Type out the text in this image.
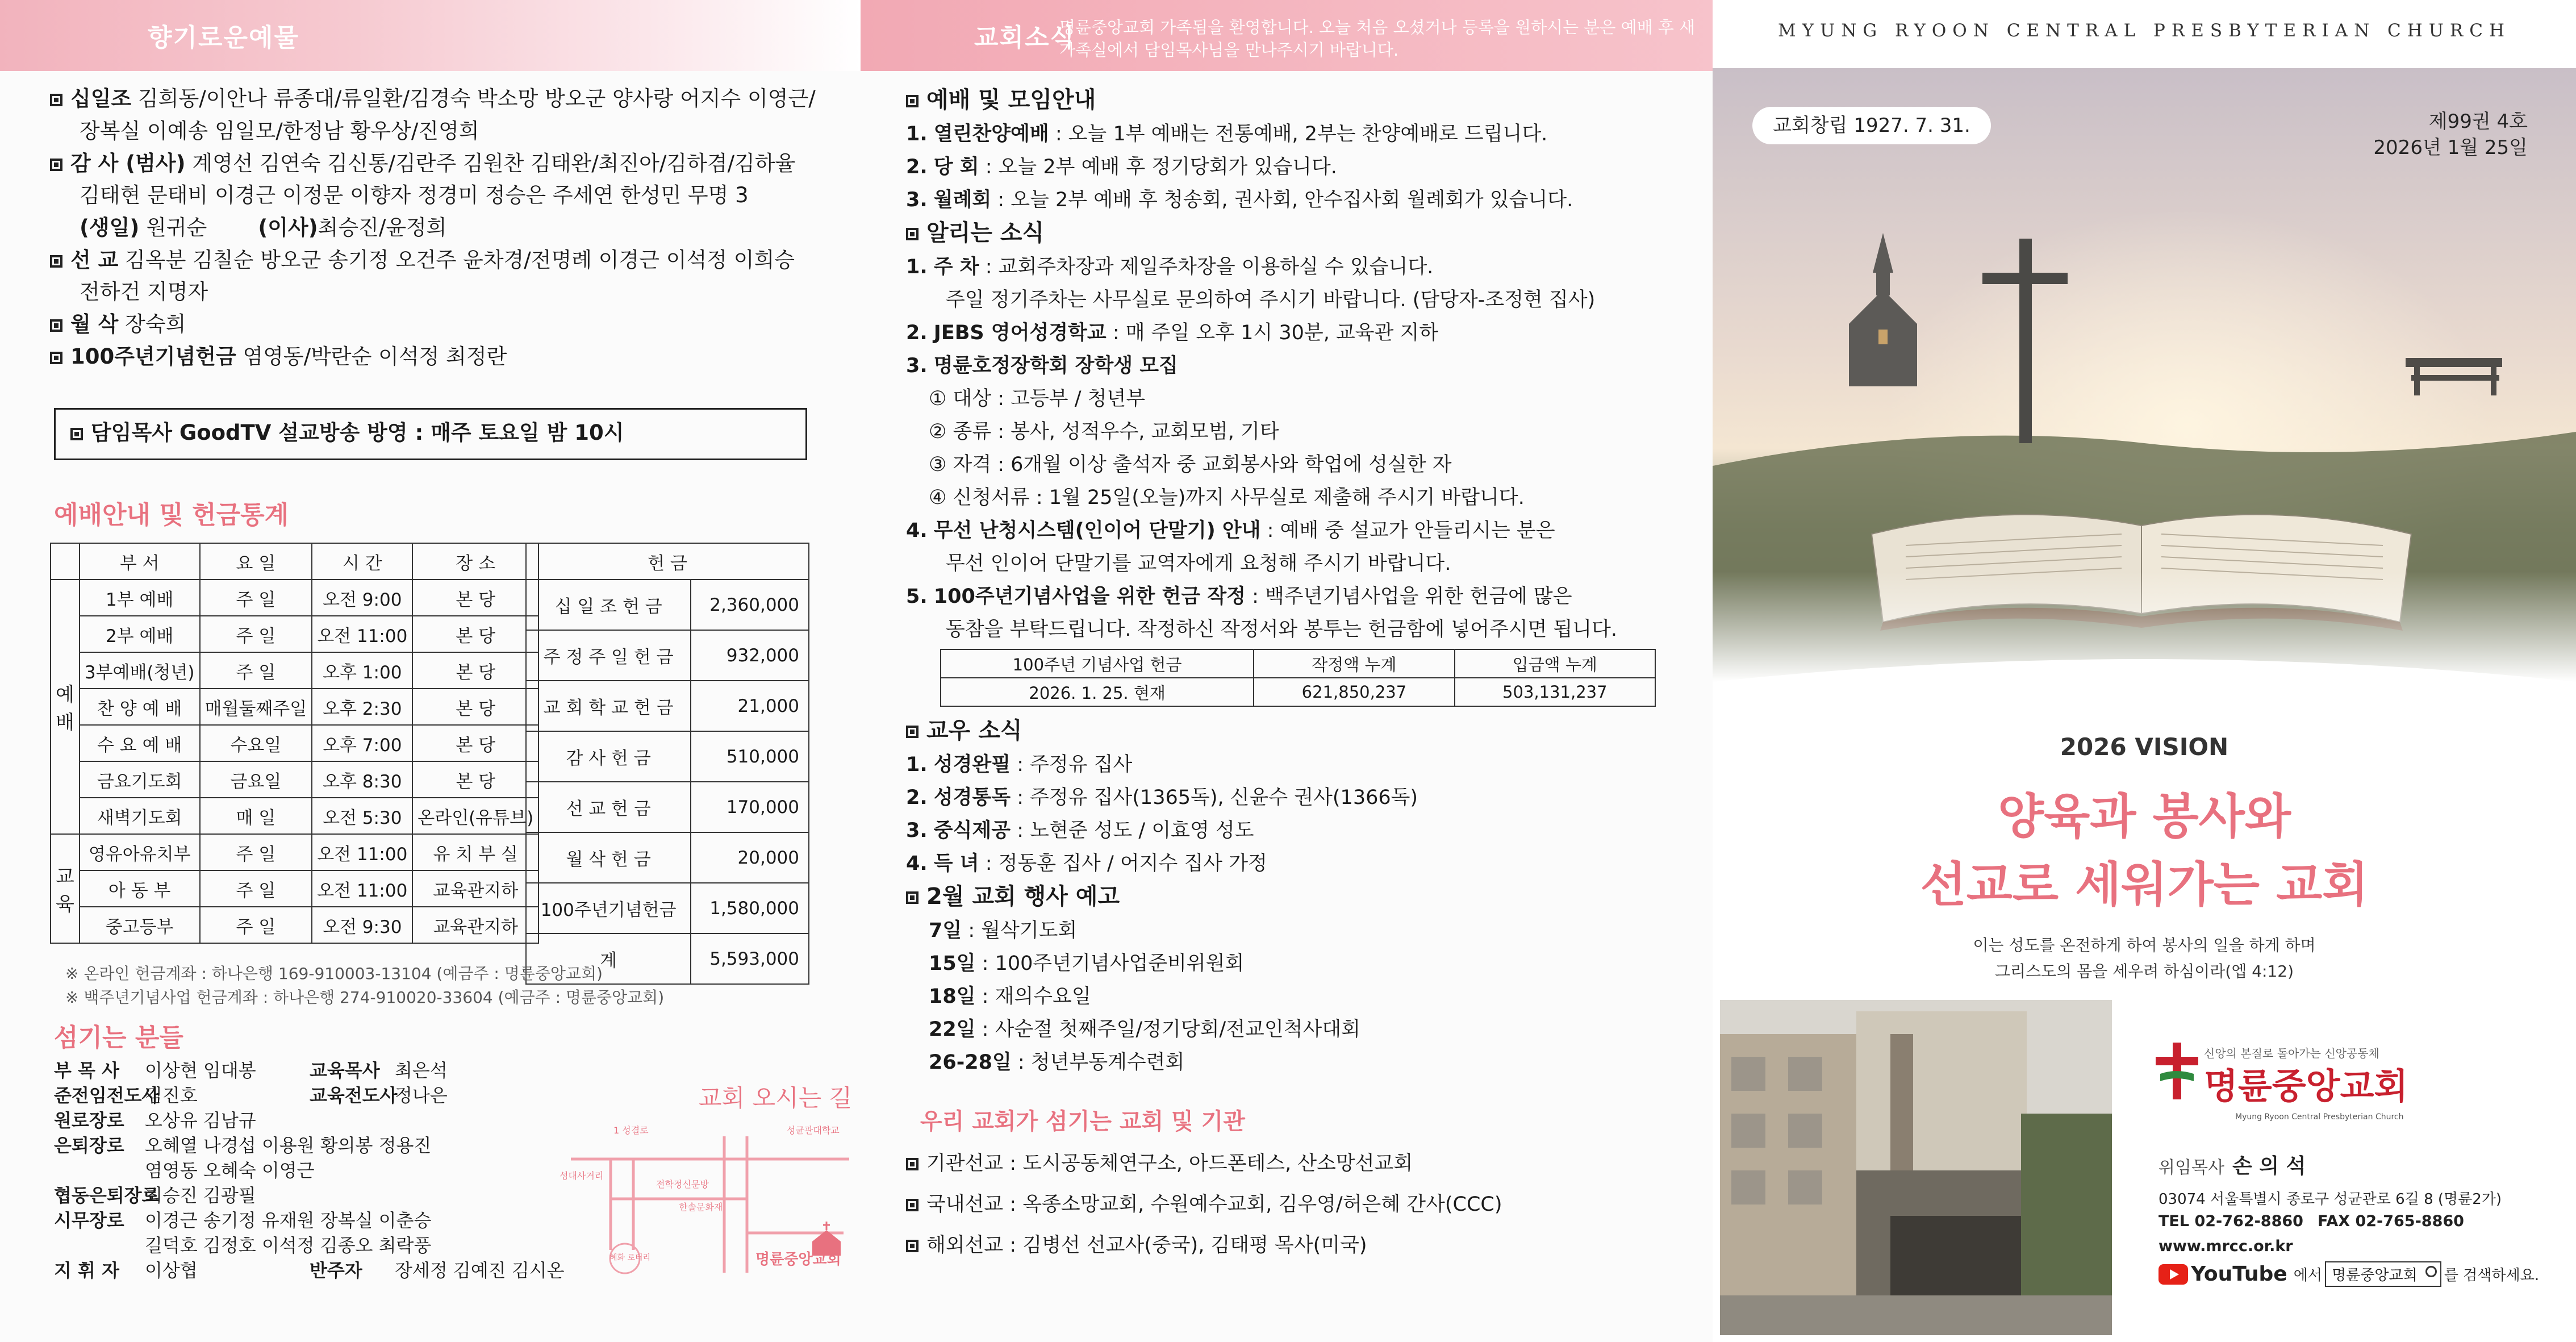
향기로운예물
십일조 김희동/이안나 류종대/류일환/김경숙 박소망 방오군 양사랑 어지수 이영근/
장복실 이예송 임일모/한정남 황우상/진영희
감 사 (범사) 계영선 김연숙 김신통/김란주 김원찬 김태완/최진아/김하겸/김하율
김태현 문태비 이경근 이정문 이향자 정경미 정승은 주세연 한성민 무명 3
(생일) 원귀순 (이사)최승진/윤정희
선 교 김옥분 김칠순 방오군 송기정 오건주 윤차경/전명례 이경근 이석정 이희승
전하건 지명자
월 삭 장숙희
100주년기념헌금 염영동/박란순 이석정 최정란
담임목사 GoodTV 설교방송 방영 : 매주 토요일 밤 10시
예배안내 및 헌금통계
	부 서	요 일	시 간	장 소
예 배	1부 예배	주 일	오전 9:00	본 당
	2부 예배	주 일	오전 11:00	본 당
	3부예배(청년)	주 일	오후 1:00	본 당
	찬 양 예 배	매월둘째주일	오후 2:30	본 당
	수 요 예 배	수요일	오후 7:00	본 당
	금요기도회	금요일	오후 8:30	본 당
	새벽기도회	매 일	오전 5:30	온라인(유튜브)
교 육	영유아유치부	주 일	오전 11:00	유 치 부 실
	아 동 부	주 일	오전 11:00	교육관지하
	중고등부	주 일	오전 9:30	교육관지하
헌 금	
십 일 조 헌 금	2,360,000
주 정 주 일 헌 금	932,000
교 회 학 교 헌 금	21,000
감 사 헌 금	510,000
선 교 헌 금	170,000
월 삭 헌 금	20,000
100주년기념헌금	1,580,000
계	5,593,000
※ 온라인 헌금계좌 : 하나은행 169-910003-13104 (예금주 : 명륜중앙교회)
※ 백주년기념사업 헌금계좌 : 하나은행 274-910020-33604 (예금주 : 명륜중앙교회)
섬기는 분들
부 목 사 이상현 임대봉	교육목사 최은석
준전임전도사김진호	교육전도사정나은
원로장로 오상유 김남규
은퇴장로 오혜열 나경섭 이용원 황의봉 정용진
염영동 오혜숙 이영근
협동은퇴장로최승진 김광필
시무장로 이경근 송기정 유재원 장복실 이춘승
길덕호 김정호 이석정 김종오 최락풍
지 휘 자 이상협	반주자 장세정 김예진 김시온
교회 오시는 길
1 성결로	성균관대학교
성대사거리
전학정신문방
한솔문화재
혜화 로터리	명륜중앙교회
교회소식
명륜중앙교회 가족됨을 환영합니다. 오늘 처음 오셨거나 등록을 원하시는 분은 예배 후 새가족실에서 담임목사님을 만나주시기 바랍니다.
예배 및 모임안내
1. 열린찬양예배 : 오늘 1부 예배는 전통예배, 2부는 찬양예배로 드립니다.
2. 당 회 : 오늘 2부 예배 후 정기당회가 있습니다.
3. 월례회 : 오늘 2부 예배 후 청송회, 권사회, 안수집사회 월례회가 있습니다.
알리는 소식
1. 주 차 : 교회주차장과 제일주차장을 이용하실 수 있습니다.
주일 정기주차는 사무실로 문의하여 주시기 바랍니다. (담당자-조정현 집사)
2. JEBS 영어성경학교 : 매 주일 오후 1시 30분, 교육관 지하
3. 명륜호정장학회 장학생 모집
① 대상 : 고등부 / 청년부
② 종류 : 봉사, 성적우수, 교회모범, 기타
③ 자격 : 6개월 이상 출석자 중 교회봉사와 학업에 성실한 자
④ 신청서류 : 1월 25일(오늘)까지 사무실로 제출해 주시기 바랍니다.
4. 무선 난청시스템(인이어 단말기) 안내 : 예배 중 설교가 안들리시는 분은
무선 인이어 단말기를 교역자에게 요청해 주시기 바랍니다.
5. 100주년기념사업을 위한 헌금 작정 : 백주년기념사업을 위한 헌금에 많은
동참을 부탁드립니다. 작정하신 작정서와 봉투는 헌금함에 넣어주시면 됩니다.
교우 소식
1. 성경완필 : 주정유 집사
2. 성경통독 : 주정유 집사(1365독), 신윤수 권사(1366독)
3. 중식제공 : 노현준 성도 / 이효영 성도
4. 득 녀 : 정동훈 집사 / 어지수 집사 가정
2월 교회 행사 예고
7일 : 월삭기도회
15일 : 100주년기념사업준비위원회
18일 : 재의수요일
22일 : 사순절 첫째주일/정기당회/전교인척사대회
26-28일 : 청년부동계수련회
우리 교회가 섬기는 교회 및 기관
기관선교 : 도시공동체연구소, 아드폰테스, 산소망선교회
국내선교 : 옥종소망교회, 수원예수교회, 김우영/허은혜 간사(CCC)
해외선교 : 김병선 선교사(중국), 김태평 목사(미국)
MYUNG RYOON CENTRAL PRESBYTERIAN CHURCH
교회창립 1927. 7. 31.	제99권 4호
2026년 1월 25일
2026 VISION
양육과 봉사와
선교로 세워가는 교회
이는 성도를 온전하게 하여 봉사의 일을 하게 하며
그리스도의 몸을 세우려 하심이라(엡 4:12)
신앙의 본질로 돌아가는 신앙공동체
명륜중앙교회
Myung Ryoon Central Presbyterian Church
위임목사 손 의 석
03074 서울특별시 종로구 성균관로 6길 8 (명륜2가)
TEL 02-762-8860 FAX 02-765-8860
www.mrcc.or.kr
YouTube 에서 명륜중앙교회 를 검색하세요.
100주년 기념사업 헌금	작정액 누계	입금액 누계
2026. 1. 25. 현재	621,850,237	503,131,237
